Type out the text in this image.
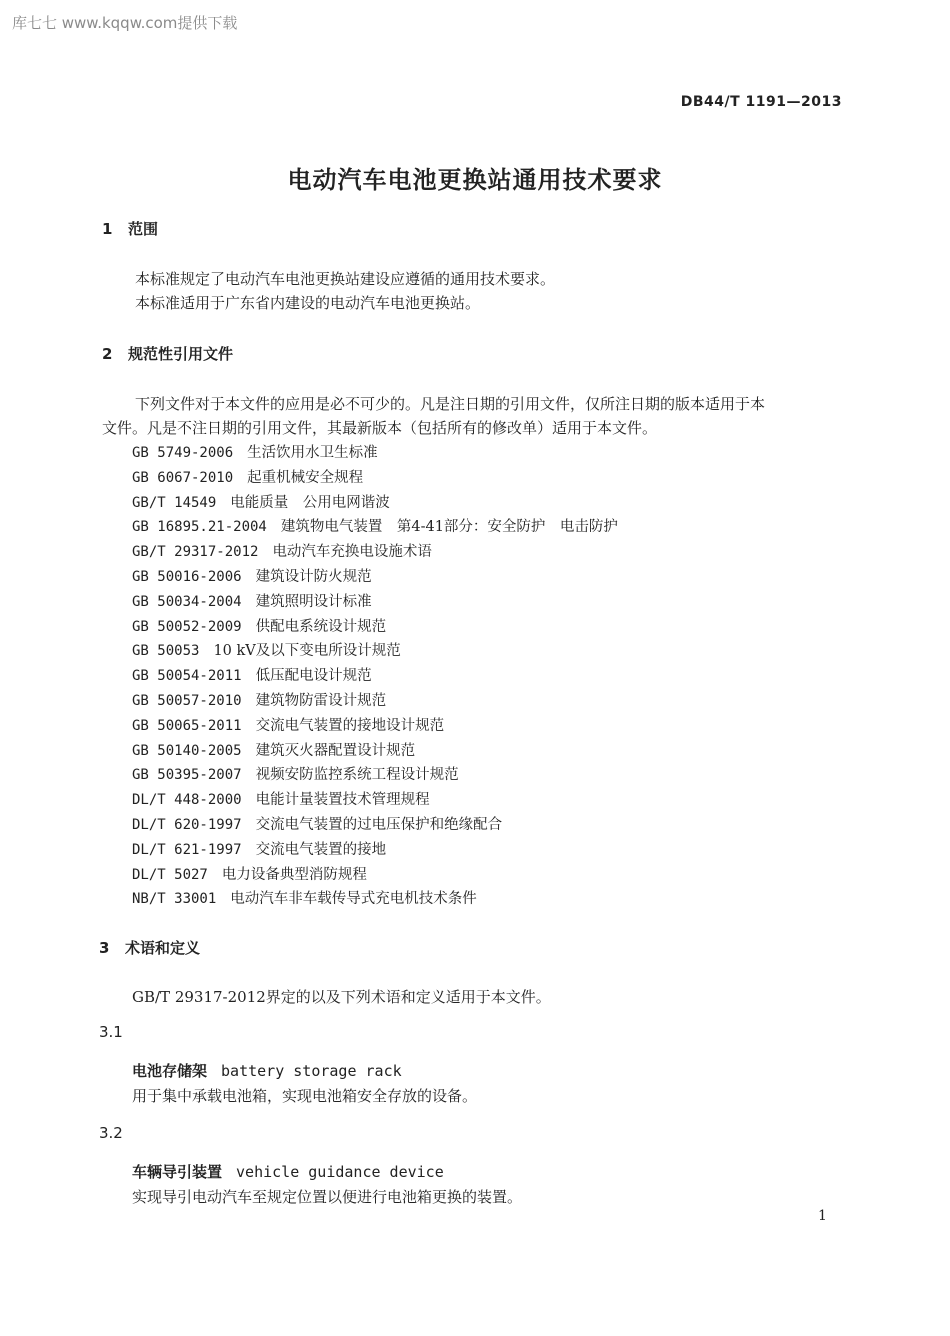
库七七 www.kqqw.com提供下载
DB44/T 1191—2013
电动汽车电池更换站通用技术要求
1 范围
本标准规定了电动汽车电池更换站建设应遵循的通用技术要求。
本标准适用于广东省内建设的电动汽车电池更换站。
2 规范性引用文件
下列文件对于本文件的应用是必不可少的。凡是注日期的引用文件，仅所注日期的版本适用于本
文件。凡是不注日期的引用文件，其最新版本（包括所有的修改单）适用于本文件。
GB 5749-2006 生活饮用水卫生标准
GB 6067-2010 起重机械安全规程
GB/T 14549 电能质量　公用电网谐波
GB 16895.21-2004 建筑物电气装置　第4-41部分：安全防护　电击防护
GB/T 29317-2012 电动汽车充换电设施术语
GB 50016-2006 建筑设计防火规范
GB 50034-2004 建筑照明设计标准
GB 50052-2009 供配电系统设计规范
GB 50053 10 kV及以下变电所设计规范
GB 50054-2011 低压配电设计规范
GB 50057-2010 建筑物防雷设计规范
GB 50065-2011 交流电气装置的接地设计规范
GB 50140-2005 建筑灭火器配置设计规范
GB 50395-2007 视频安防监控系统工程设计规范
DL/T 448-2000 电能计量装置技术管理规程
DL/T 620-1997 交流电气装置的过电压保护和绝缘配合
DL/T 621-1997 交流电气装置的接地
DL/T 5027 电力设备典型消防规程
NB/T 33001 电动汽车非车载传导式充电机技术条件
3 术语和定义
GB/T 29317-2012界定的以及下列术语和定义适用于本文件。
3.1
电池存储架 battery storage rack
用于集中承载电池箱，实现电池箱安全存放的设备。
3.2
车辆导引装置 vehicle guidance device
实现导引电动汽车至规定位置以便进行电池箱更换的装置。
1
